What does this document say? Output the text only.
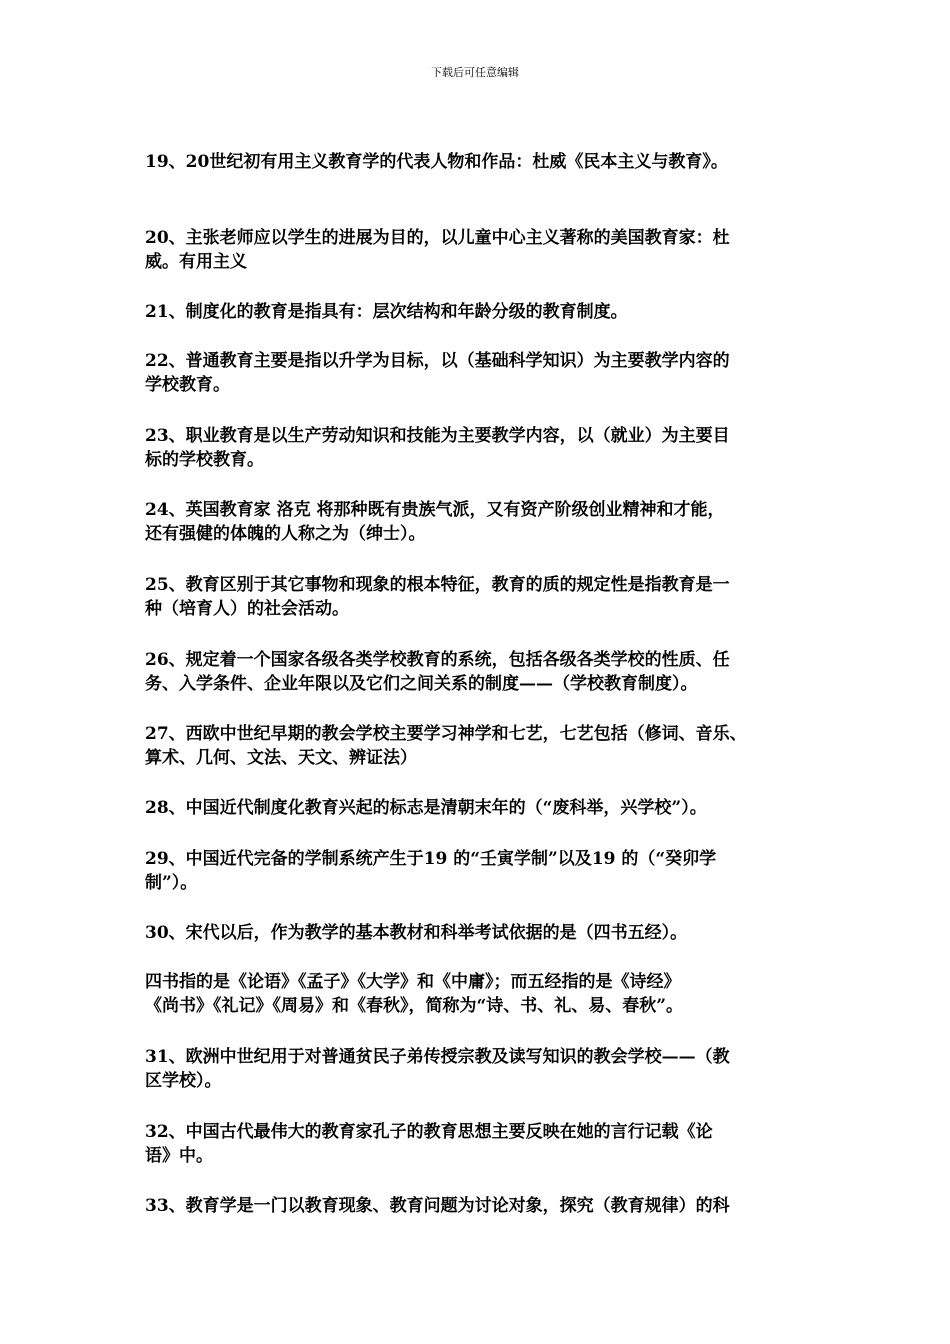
下载后可任意编辑
19、20世纪初有用主义教育学的代表人物和作品：杜威《民本主义与教育》。
20、主张老师应以学生的进展为目的，以儿童中心主义著称的美国教育家：杜
威。有用主义
21、制度化的教育是指具有：层次结构和年龄分级的教育制度。
22、普通教育主要是指以升学为目标，以（基础科学知识）为主要教学内容的
学校教育。
23、职业教育是以生产劳动知识和技能为主要教学内容，以（就业）为主要目
标的学校教育。
24、英国教育家 洛克 将那种既有贵族气派，又有资产阶级创业精神和才能，
还有强健的体魄的人称之为（绅士）。
25、教育区别于其它事物和现象的根本特征，教育的质的规定性是指教育是一
种（培育人）的社会活动。
26、规定着一个国家各级各类学校教育的系统，包括各级各类学校的性质、任
务、入学条件、企业年限以及它们之间关系的制度——（学校教育制度）。
27、西欧中世纪早期的教会学校主要学习神学和七艺，七艺包括（修词、音乐、
算术、几何、文法、天文、辨证法）
28、中国近代制度化教育兴起的标志是清朝末年的（“废科举，兴学校”）。
29、中国近代完备的学制系统产生于19 的“壬寅学制”以及19 的（“癸卯学
制”）。
30、宋代以后，作为教学的基本教材和科举考试依据的是（四书五经）。
四书指的是《论语》《孟子》《大学》和《中庸》；而五经指的是《诗经》
《尚书》《礼记》《周易》和《春秋》，简称为“诗、书、礼、易、春秋”。
31、欧洲中世纪用于对普通贫民子弟传授宗教及读写知识的教会学校——（教
区学校）。
32、中国古代最伟大的教育家孔子的教育思想主要反映在她的言行记载《论
语》中。
33、教育学是一门以教育现象、教育问题为讨论对象，探究（教育规律）的科
